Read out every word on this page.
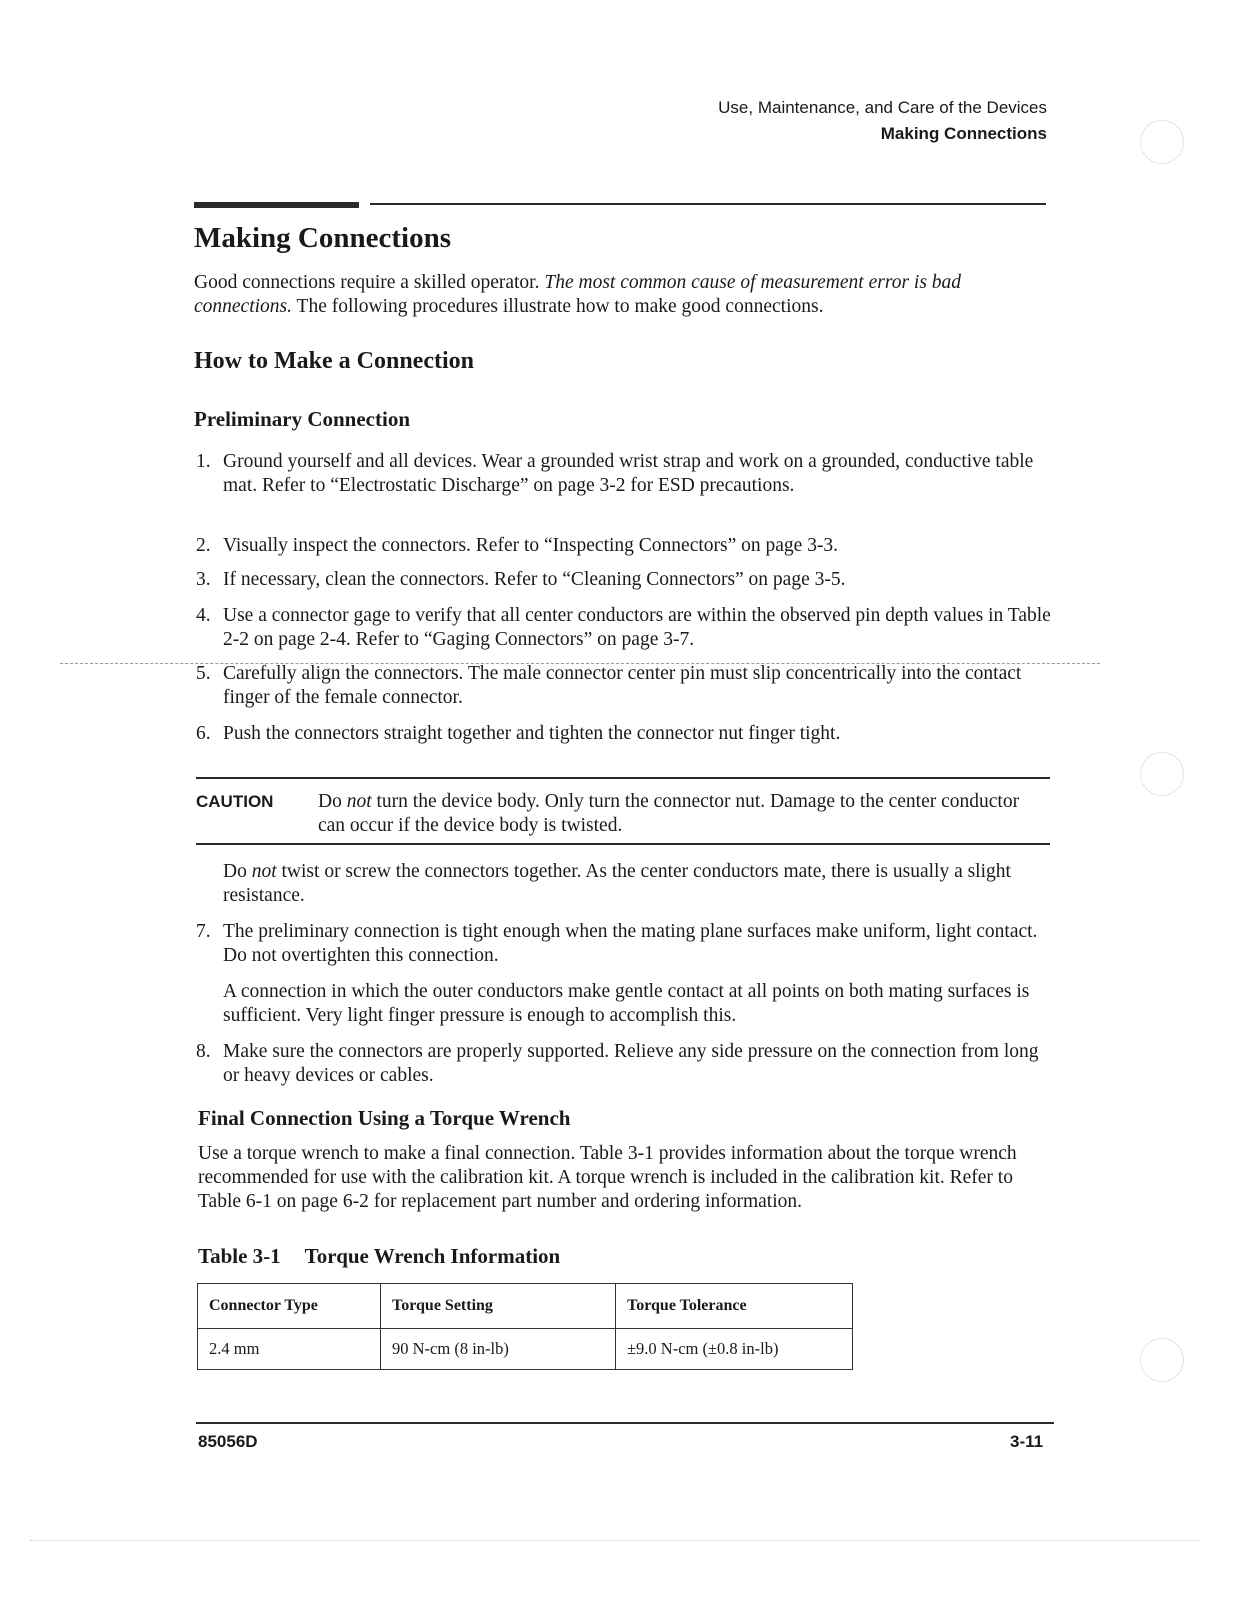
Use, Maintenance, and Care of the Devices
Making Connections
Making Connections

Good connections require a skilled operator. The most common cause of measurement error is bad connections. The following procedures illustrate how to make good connections.

How to Make a Connection
Preliminary Connection
1. Ground yourself and all devices. Wear a grounded wrist strap and work on a grounded, conductive table mat. Refer to “Electrostatic Discharge” on page 3-2 for ESD precautions.
2. Visually inspect the connectors. Refer to “Inspecting Connectors” on page 3-3.
3. If necessary, clean the connectors. Refer to “Cleaning Connectors” on page 3-5.
4. Use a connector gage to verify that all center conductors are within the observed pin depth values in Table 2-2 on page 2-4. Refer to “Gaging Connectors” on page 3-7.
5. Carefully align the connectors. The male connector center pin must slip concentrically into the contact finger of the female connector.
6. Push the connectors straight together and tighten the connector nut finger tight.
CAUTION Do not turn the device body. Only turn the connector nut. Damage to the center conductor can occur if the device body is twisted.
Do not twist or screw the connectors together. As the center conductors mate, there is usually a slight resistance.
7. The preliminary connection is tight enough when the mating plane surfaces make uniform, light contact. Do not overtighten this connection.
A connection in which the outer conductors make gentle contact at all points on both mating surfaces is sufficient. Very light finger pressure is enough to accomplish this.
8. Make sure the connectors are properly supported. Relieve any side pressure on the connection from long or heavy devices or cables.
Final Connection Using a Torque Wrench

Use a torque wrench to make a final connection. Table 3-1 provides information about the torque wrench recommended for use with the calibration kit. A torque wrench is included in the calibration kit. Refer to Table 6-1 on page 6-2 for replacement part number and ordering information.

Table 3-1 Torque Wrench Information
Connector Type	Torque Setting	Torque Tolerance
2.4 mm	90 N-cm (8 in-lb)	±9.0 N-cm (±0.8 in-lb)
85056D	3-11
